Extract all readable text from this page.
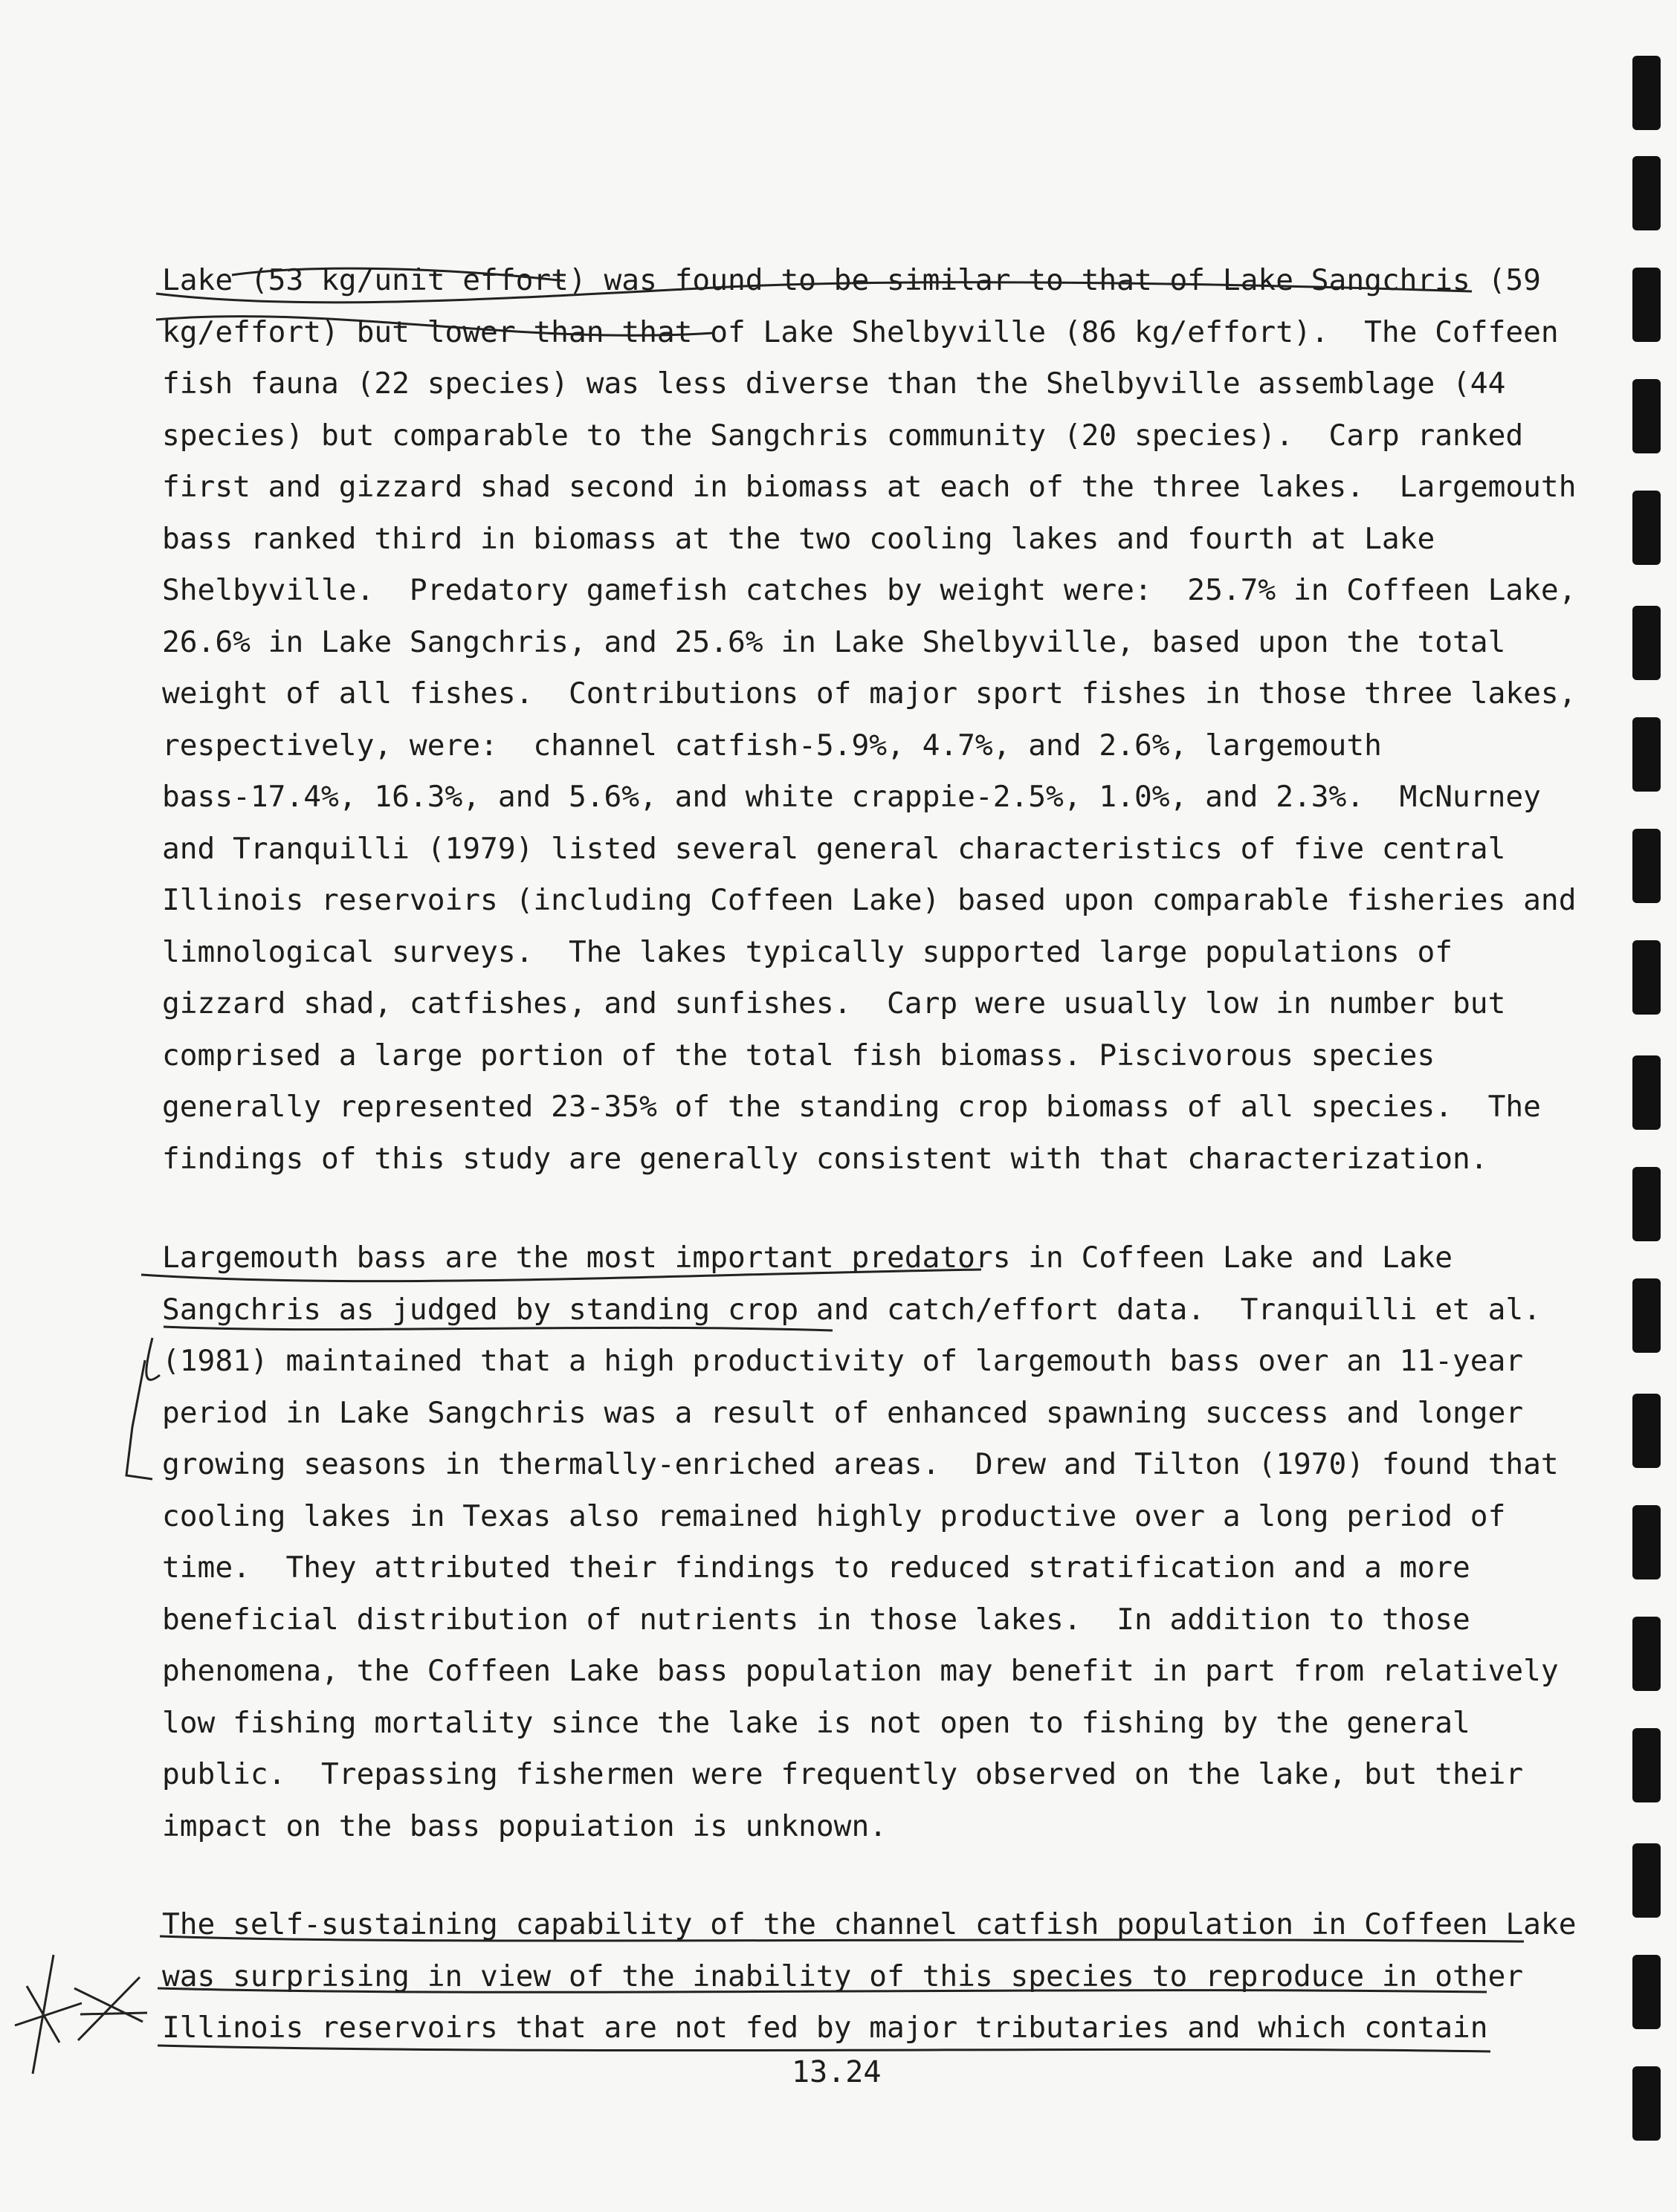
Lake (53 kg/unit effort) was found to be similar to that of Lake Sangchris (59
kg/effort) but lower than that of Lake Shelbyville (86 kg/effort).  The Coffeen
fish fauna (22 species) was less diverse than the Shelbyville assemblage (44
species) but comparable to the Sangchris community (20 species).  Carp ranked
first and gizzard shad second in biomass at each of the three lakes.  Largemouth
bass ranked third in biomass at the two cooling lakes and fourth at Lake
Shelbyville.  Predatory gamefish catches by weight were:  25.7% in Coffeen Lake,
26.6% in Lake Sangchris, and 25.6% in Lake Shelbyville, based upon the total
weight of all fishes.  Contributions of major sport fishes in those three lakes,
respectively, were:  channel catfish-5.9%, 4.7%, and 2.6%, largemouth
bass-17.4%, 16.3%, and 5.6%, and white crappie-2.5%, 1.0%, and 2.3%.  McNurney
and Tranquilli (1979) listed several general characteristics of five central
Illinois reservoirs (including Coffeen Lake) based upon comparable fisheries and
limnological surveys.  The lakes typically supported large populations of
gizzard shad, catfishes, and sunfishes.  Carp were usually low in number but
comprised a large portion of the total fish biomass. Piscivorous species
generally represented 23-35% of the standing crop biomass of all species.  The
findings of this study are generally consistent with that characterization.
Largemouth bass are the most important predators in Coffeen Lake and Lake
Sangchris as judged by standing crop and catch/effort data.  Tranquilli et al.
(1981) maintained that a high productivity of largemouth bass over an 11-year
period in Lake Sangchris was a result of enhanced spawning success and longer
growing seasons in thermally-enriched areas.  Drew and Tilton (1970) found that
cooling lakes in Texas also remained highly productive over a long period of
time.  They attributed their findings to reduced stratification and a more
beneficial distribution of nutrients in those lakes.  In addition to those
phenomena, the Coffeen Lake bass population may benefit in part from relatively
low fishing mortality since the lake is not open to fishing by the general
public.  Trepassing fishermen were frequently observed on the lake, but their
impact on the bass popuiation is unknown.
The self-sustaining capability of the channel catfish population in Coffeen Lake
was surprising in view of the inability of this species to reproduce in other
Illinois reservoirs that are not fed by major tributaries and which contain
13.24
